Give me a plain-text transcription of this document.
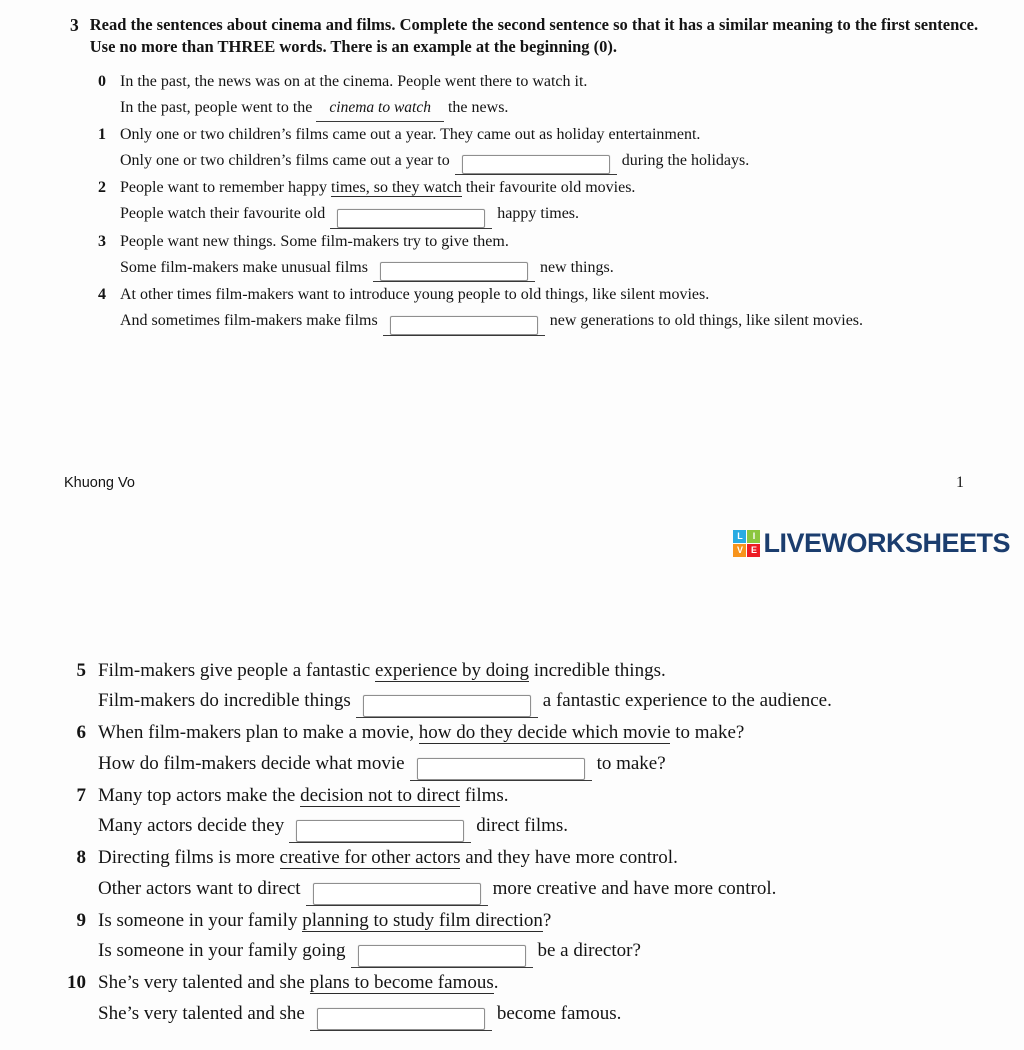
3 Read the sentences about cinema and films. Complete the second sentence so that it has a similar meaning to the first sentence. Use no more than THREE words. There is an example at the beginning (0).
0 In the past, the news was on at the cinema. People went there to watch it.
In the past, people went to the cinema to watch the news.
1 Only one or two children’s films came out a year. They came out as holiday entertainment.
Only one or two children’s films came out a year to	during the holidays.
2 People want to remember happy times, so they watch their favourite old movies.
People watch their favourite old	happy times.
3 People want new things. Some film-makers try to give them.
Some film-makers make unusual films	new things.
4 At other times film-makers want to introduce young people to old things, like silent movies.
And sometimes film-makers make films	new generations to old things, like silent movies.
Khuong Vo	1
L	I
V E LIVEWORKSHEETS
5 Film-makers give people a fantastic experience by doing incredible things.
Film-makers do incredible things	a fantastic experience to the audience.
6 When film-makers plan to make a movie, how do they decide which movie to make?
How do film-makers decide what movie	to make?
7 Many top actors make the decision not to direct films.
Many actors decide they	direct films.
8 Directing films is more creative for other actors and they have more control.
Other actors want to direct	more creative and have more control.
9 Is someone in your family planning to study film direction?
Is someone in your family going	be a director?
10 She’s very talented and she plans to become famous.
She’s very talented and she	become famous.
